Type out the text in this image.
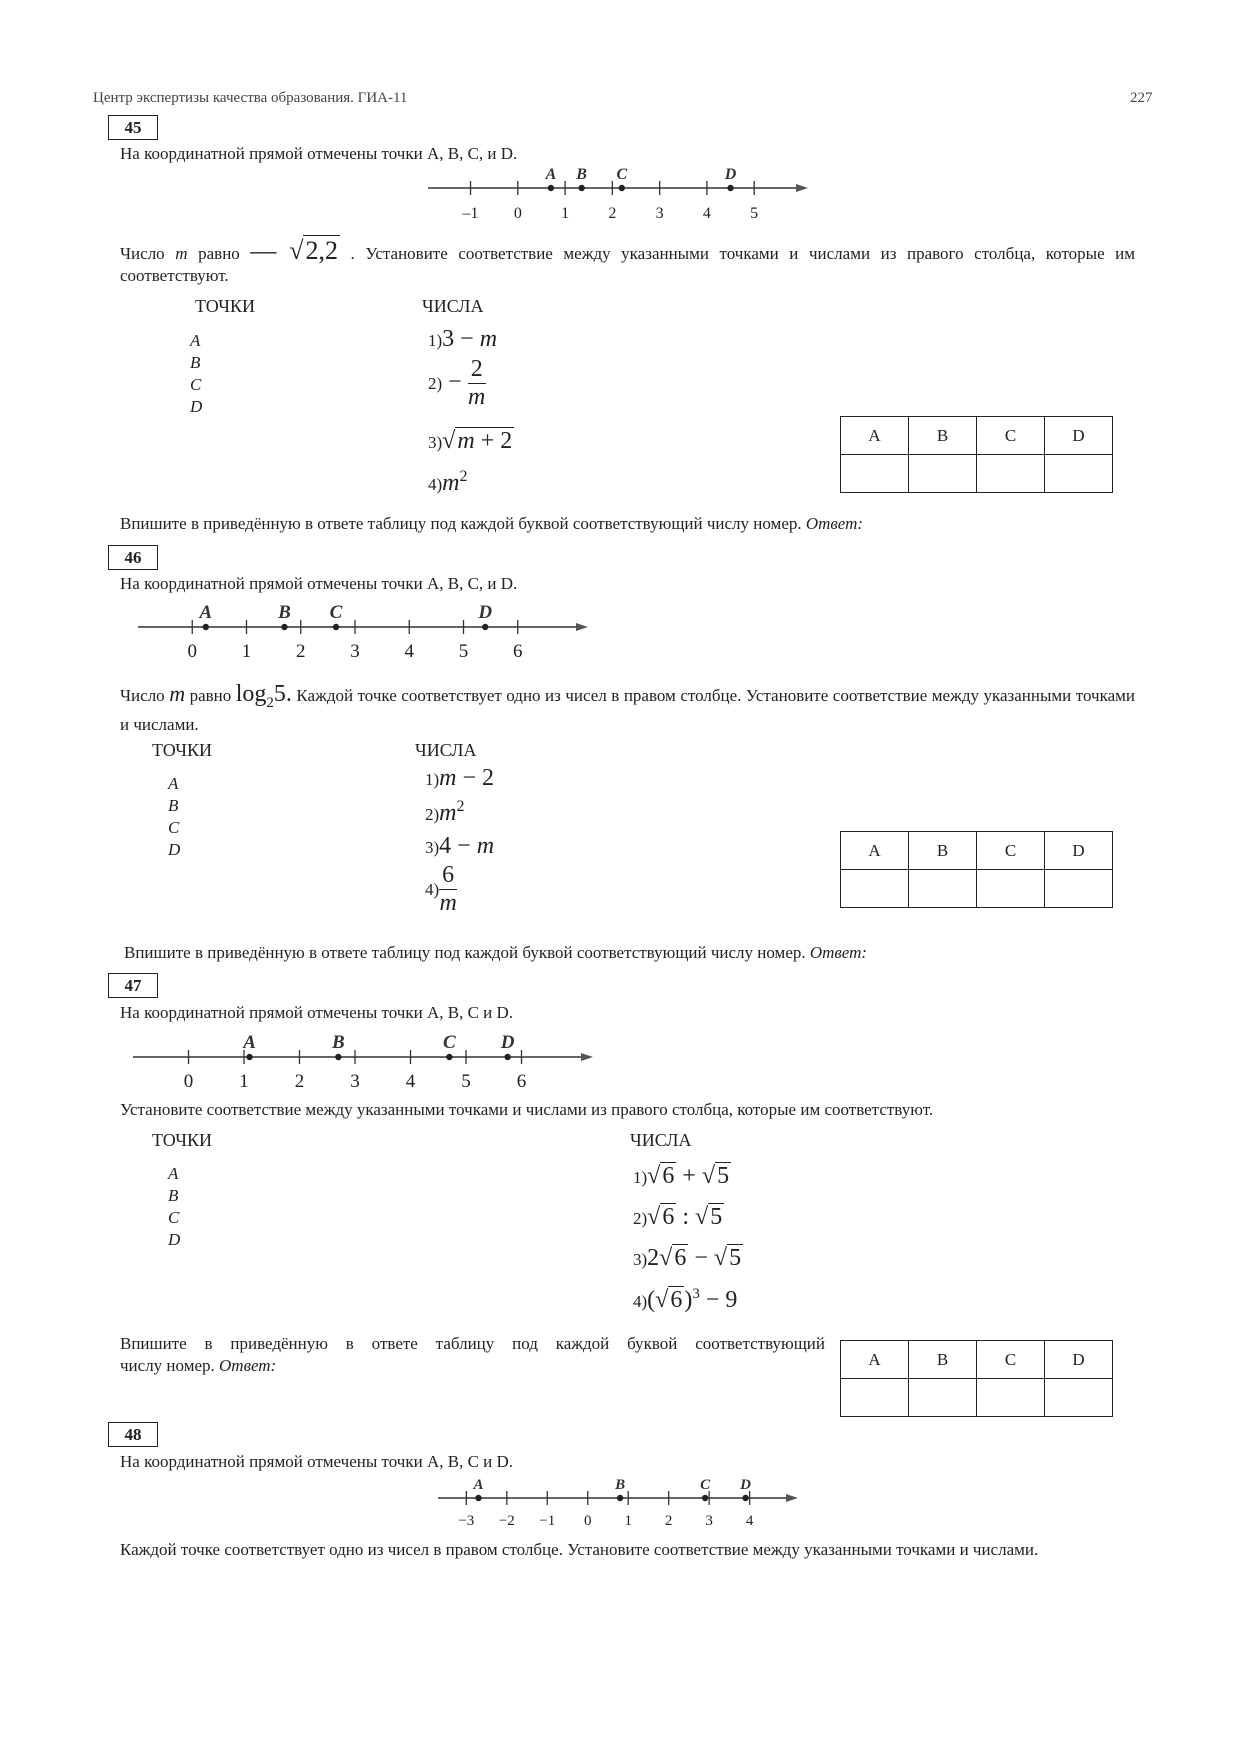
Центр экспертизы качества образования. ГИА-11	227
45
На координатной прямой отмечены точки A, B, C, и D.
–1 0 1 2 3 4 5
A B C	D
Число m равно — √2,2 . Установите соответствие между указанными точками и числами из правого столбца, которые им соответствуют.
ТОЧКИ	ЧИСЛА
A
B
C
D
1)3 − m
$2) - \frac{2}{m}$
3)√m + 2
$4)m^2$
A	B	C	D

Впишите в приведённую в ответе таблицу под каждой буквой соответствующий числу номер. Ответ:
46
На координатной прямой отмечены точки A, B, C, и D.
0 1 2 3 4 5 6
A	B C	D
Число m равно $\log_25$. Каждой точке соответствует одно из чисел в правом столбце. Установите соответствие между указанными точками и числами.
ТОЧКИ	ЧИСЛА
A
B
C
D
1)m − 2
$2)m^2$
3)4 − m
$4) \frac{6}{m}$
A	B	C	D

Впишите в приведённую в ответе таблицу под каждой буквой соответствующий числу номер. Ответ:
47
На координатной прямой отмечены точки A, B, C и D.
0 1 2 3 4 5 6
A	B	C D
Установите соответствие между указанными точками и числами из правого столбца, которые им соответствуют.
ТОЧКИ	ЧИСЛА
A
B
C
D
1)√6 + √5
2)√6 : √5
3)2√6 − √5
$4)(√6)^3 - 9$
Впишите в приведённую в ответе таблицу под каждой буквой соответствующий
числу номер. Ответ:	A	B	C	D

48
На координатной прямой отмечены точки A, B, C и D.
−3 −2 −1 0 1 2 3 4
A	B	C D
Каждой точке соответствует одно из чисел в правом столбце. Установите соответствие между указанными точками и числами.
